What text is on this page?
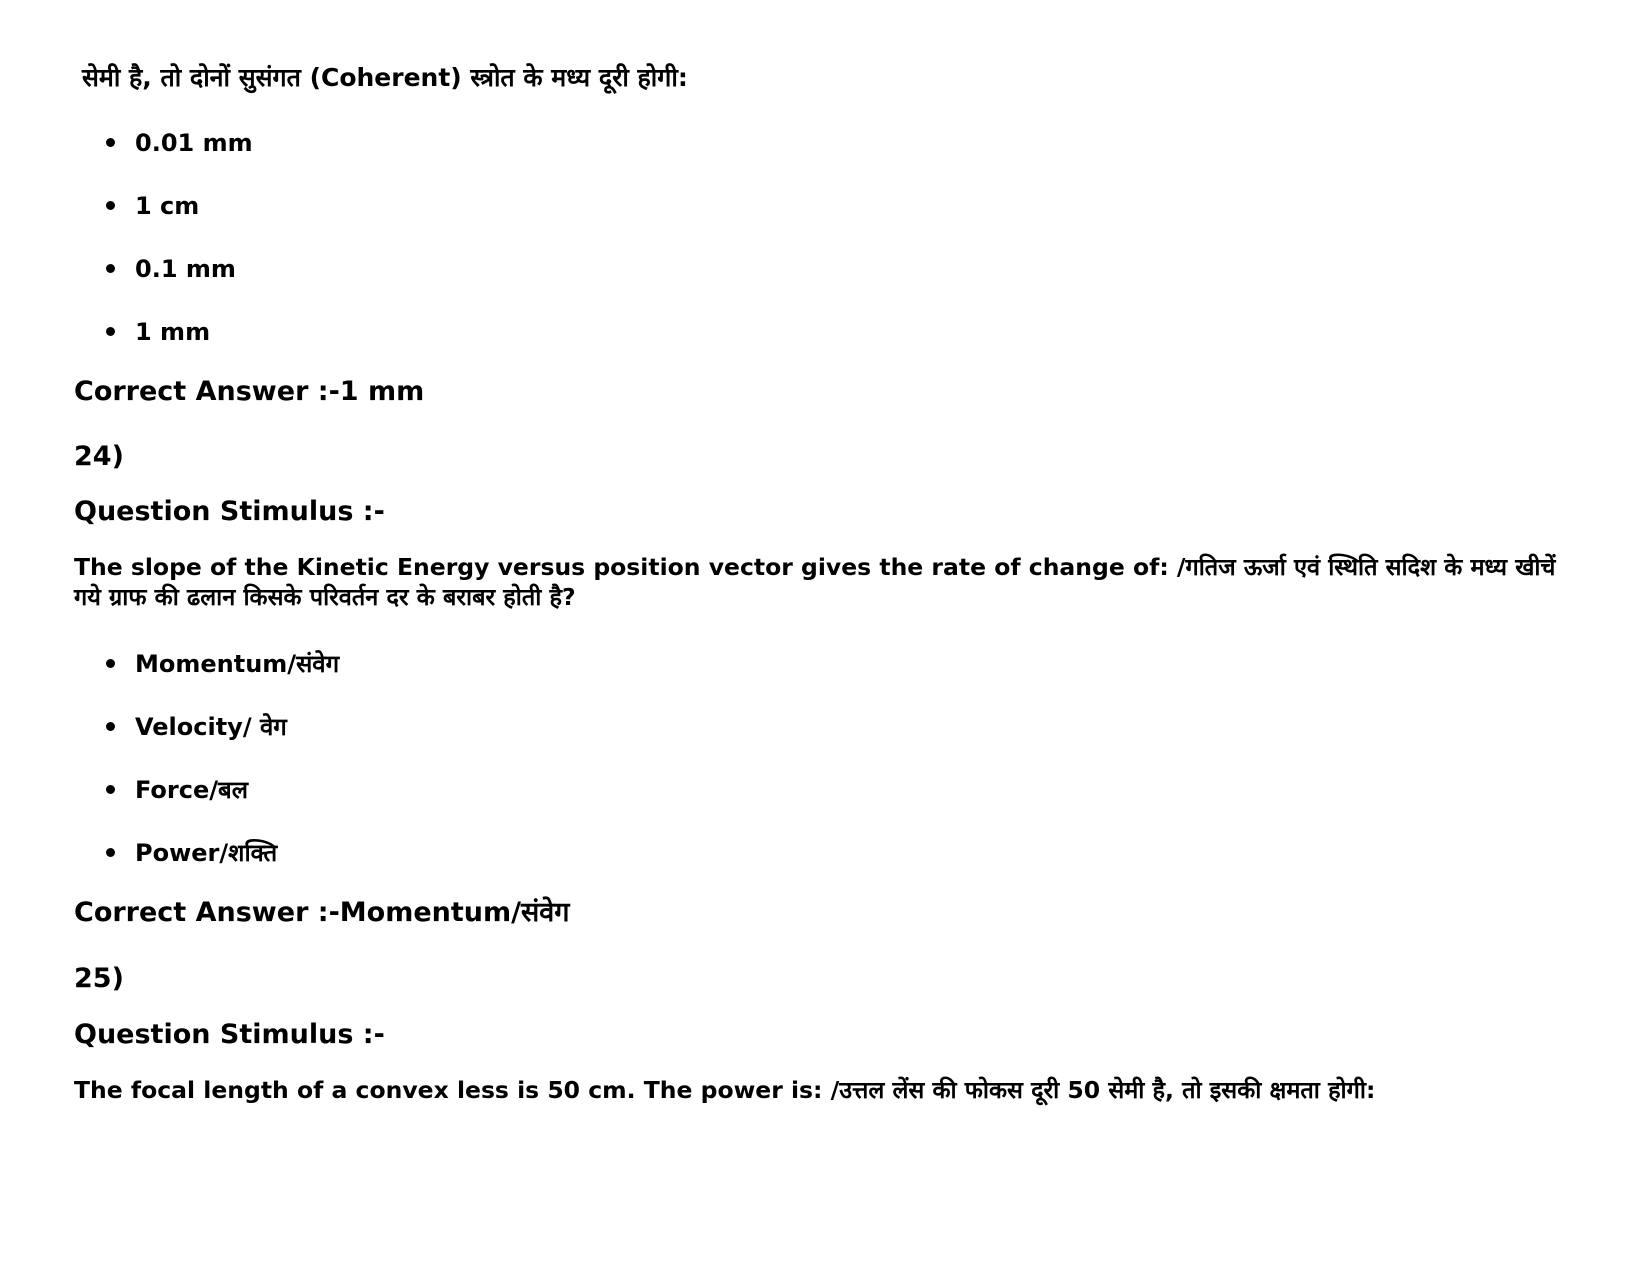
सेमी है, तो दोनों सुसंगत (Coherent) स्त्रोत के मध्य दूरी होगी:
0.01 mm
1 cm
0.1 mm
1 mm
Correct Answer :-1 mm
24)
Question Stimulus :-
The slope of the Kinetic Energy versus position vector gives the rate of change of: /गतिज ऊर्जा एवं स्थिति सदिश के मध्य खीचें गये ग्राफ की ढलान किसके परिवर्तन दर के बराबर होती है?
Momentum/संवेग
Velocity/ वेग
Force/बल
Power/शक्ति
Correct Answer :-Momentum/संवेग
25)
Question Stimulus :-
The focal length of a convex less is 50 cm. The power is: /उत्तल लेंस की फोकस दूरी 50 सेमी है, तो इसकी क्षमता होगी:
